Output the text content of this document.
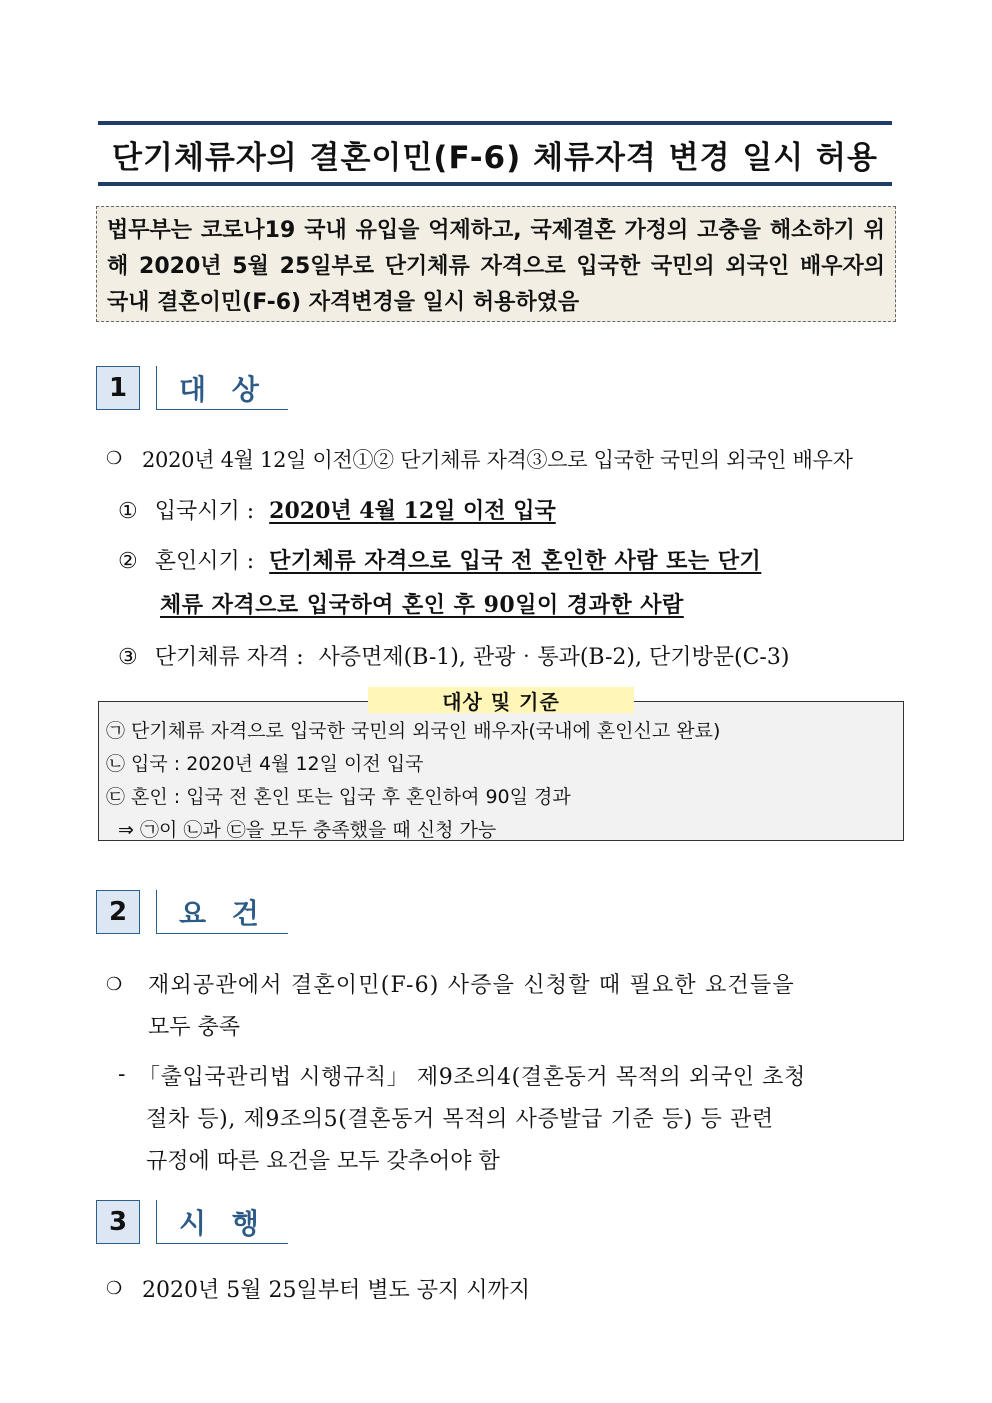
단기체류자의 결혼이민(F-6) 체류자격 변경 일시 허용
법무부는 코로나19 국내 유입을 억제하고, 국제결혼 가정의 고충을 해소하기 위해 2020년 5월 25일부로 단기체류 자격으로 입국한 국민의 외국인 배우자의 국내 결혼이민(F-6) 자격변경을 일시 허용하였음
1	대 상
❍ 2020년 4월 12일 이전①② 단기체류 자격③으로 입국한 국민의 외국인 배우자
① 입국시기 : 2020년 4월 12일 이전 입국
② 혼인시기 : 단기체류 자격으로 입국 전 혼인한 사람 또는 단기
체류 자격으로 입국하여 혼인 후 90일이 경과한 사람
③ 단기체류 자격 : 사증면제(B-1), 관광‧통과(B-2), 단기방문(C-3)
대상 및 기준
㉠ 단기체류 자격으로 입국한 국민의 외국인 배우자(국내에 혼인신고 완료)
㉡ 입국 : 2020년 4월 12일 이전 입국
㉢ 혼인 : 입국 전 혼인 또는 입국 후 혼인하여 90일 경과
⇒ ㉠이 ㉡과 ㉢을 모두 충족했을 때 신청 가능
2	요 건
❍ 재외공관에서 결혼이민(F-6) 사증을 신청할 때 필요한 요건들을
모두 충족
- 「출입국관리법 시행규칙」 제9조의4(결혼동거 목적의 외국인 초청
절차 등), 제9조의5(결혼동거 목적의 사증발급 기준 등) 등 관련
규정에 따른 요건을 모두 갖추어야 함
3	시 행
❍ 2020년 5월 25일부터 별도 공지 시까지
